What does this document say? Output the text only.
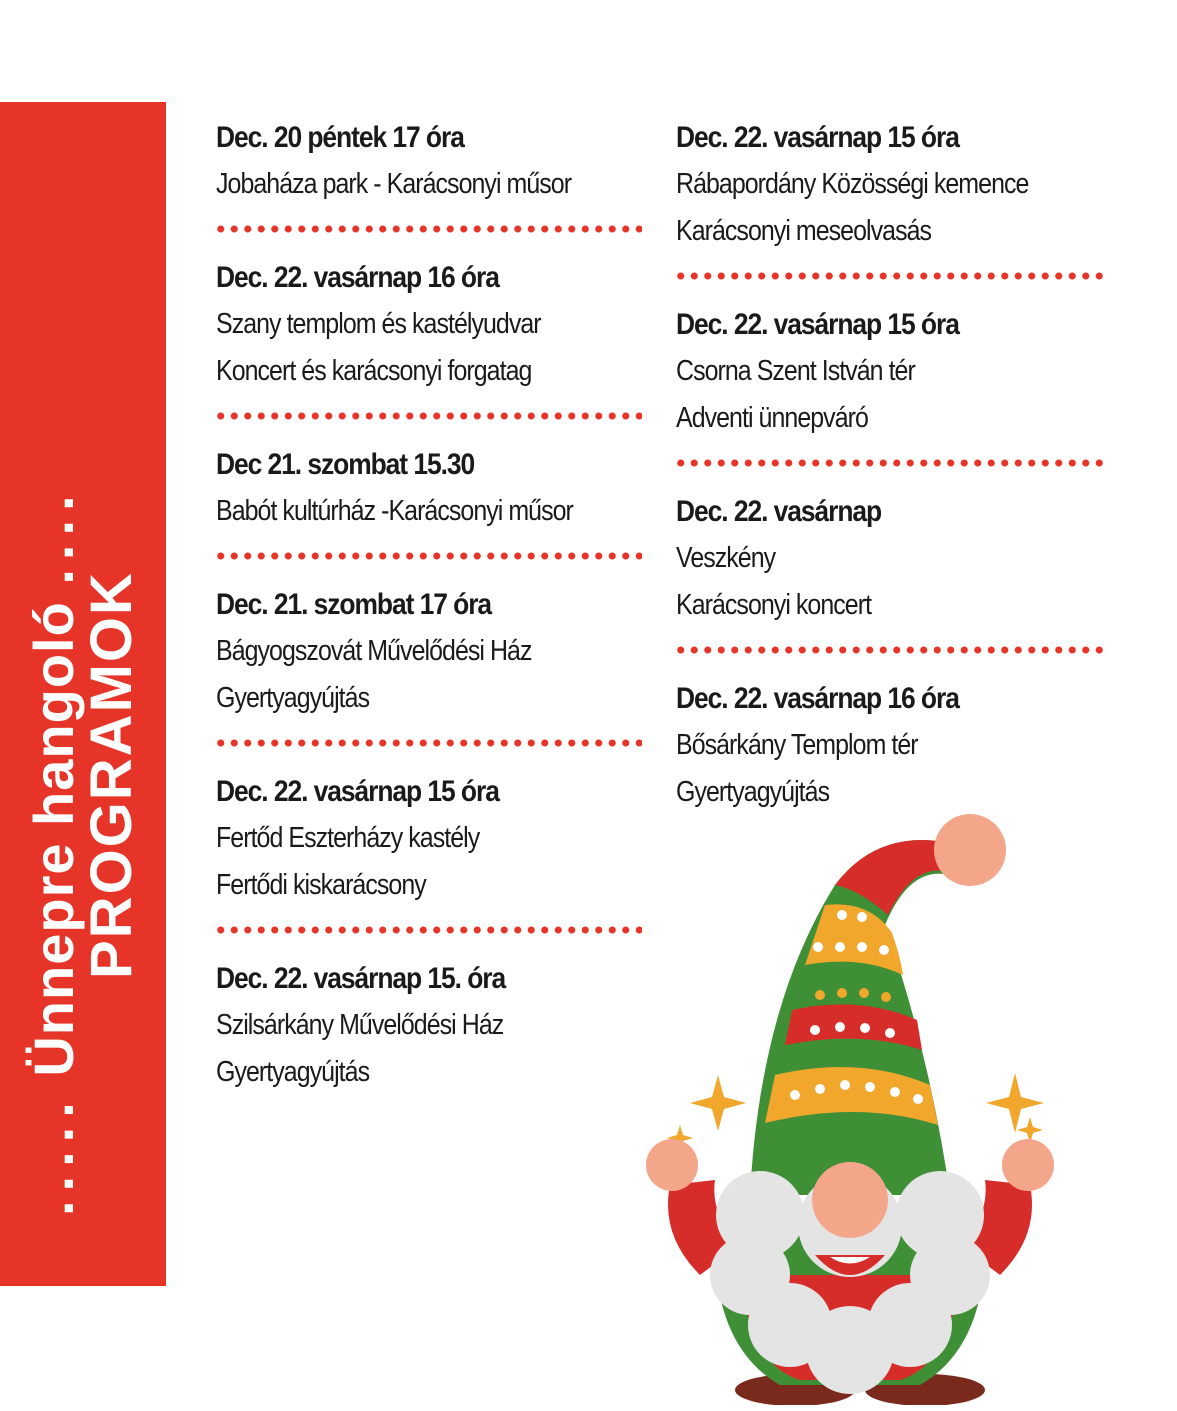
..... Ünnepre hangoló ....
PROGRAMOK
Dec. 20 péntek 17 óra
Jobaháza park - Karácsonyi műsor
Dec. 22. vasárnap 16 óra
Szany templom és kastélyudvar
Koncert és karácsonyi forgatag
Dec 21. szombat 15.30
Babót kultúrház -Karácsonyi műsor
Dec. 21. szombat 17 óra
Bágyogszovát Művelődési Ház
Gyertyagyújtás
Dec. 22. vasárnap 15 óra
Fertőd Eszterházy kastély
Fertődi kiskarácsony
Dec. 22. vasárnap 15. óra
Szilsárkány Művelődési Ház
Gyertyagyújtás
Dec. 22. vasárnap 15 óra
Rábapordány Közösségi kemence
Karácsonyi meseolvasás
Dec. 22. vasárnap 15 óra
Csorna Szent István tér
Adventi ünnepváró
Dec. 22. vasárnap
Veszkény
Karácsonyi koncert
Dec. 22. vasárnap 16 óra
Bősárkány Templom tér
Gyertyagyújtás
